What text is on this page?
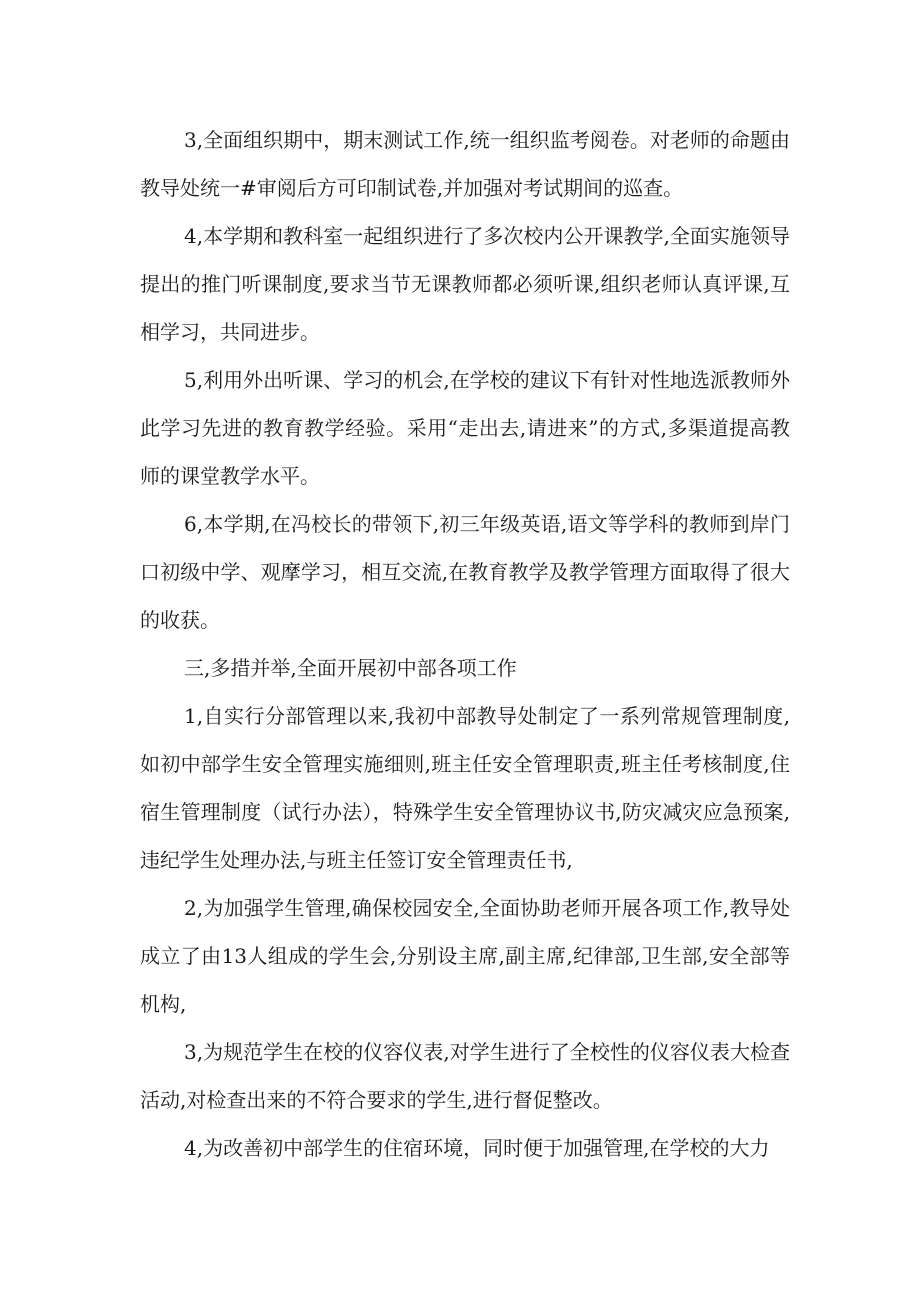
3,全面组织期中，期末测试工作,统一组织监考阅卷。对老师的命题由教导处统一#审阅后方可印制试卷,并加强对考试期间的巡查。

4,本学期和教科室一起组织进行了多次校内公开课教学,全面实施领导提出的推门听课制度,要求当节无课教师都必须听课,组织老师认真评课,互相学习，共同进步。

5,利用外出听课、学习的机会,在学校的建议下有针对性地选派教师外此学习先进的教育教学经验。采用“走出去,请进来”的方式,多渠道提高教师的课堂教学水平。

6,本学期,在冯校长的带领下,初三年级英语,语文等学科的教师到岸门口初级中学、观摩学习，相互交流,在教育教学及教学管理方面取得了很大的收获。

三,多措并举,全面开展初中部各项工作

1,自实行分部管理以来,我初中部教导处制定了一系列常规管理制度,如初中部学生安全管理实施细则,班主任安全管理职责,班主任考核制度,住宿生管理制度（试行办法），特殊学生安全管理协议书,防灾减灾应急预案,违纪学生处理办法,与班主任签订安全管理责任书,

2,为加强学生管理,确保校园安全,全面协助老师开展各项工作,教导处成立了由13人组成的学生会,分别设主席,副主席,纪律部,卫生部,安全部等机构,

3,为规范学生在校的仪容仪表,对学生进行了全校性的仪容仪表大检查活动,对检查出来的不符合要求的学生,进行督促整改。

4,为改善初中部学生的住宿环境，同时便于加强管理,在学校的大力
